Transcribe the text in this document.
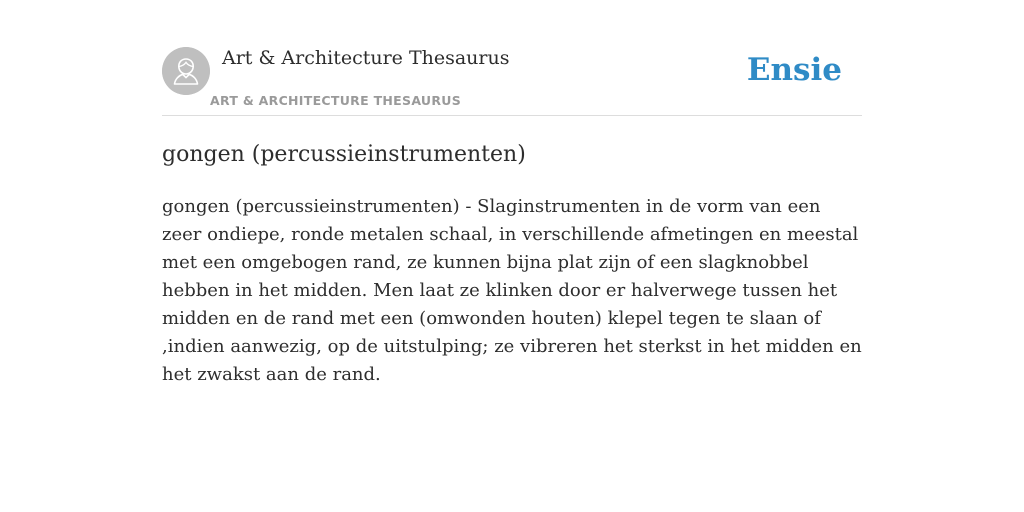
Art & Architecture Thesaurus

ART & ARCHITECTURE THESAURUS

Ensie
gongen (percussieinstrumenten)

gongen (percussieinstrumenten) - Slaginstrumenten in de vorm van een zeer ondiepe, ronde metalen schaal, in verschillende afmetingen en meestal met een omgebogen rand, ze kunnen bijna plat zijn of een slagknobbel hebben in het midden. Men laat ze klinken door er halverwege tussen het midden en de rand met een (omwonden houten) klepel tegen te slaan of ,indien aanwezig, op de uitstulping; ze vibreren het sterkst in het midden en het zwakst aan de rand.
